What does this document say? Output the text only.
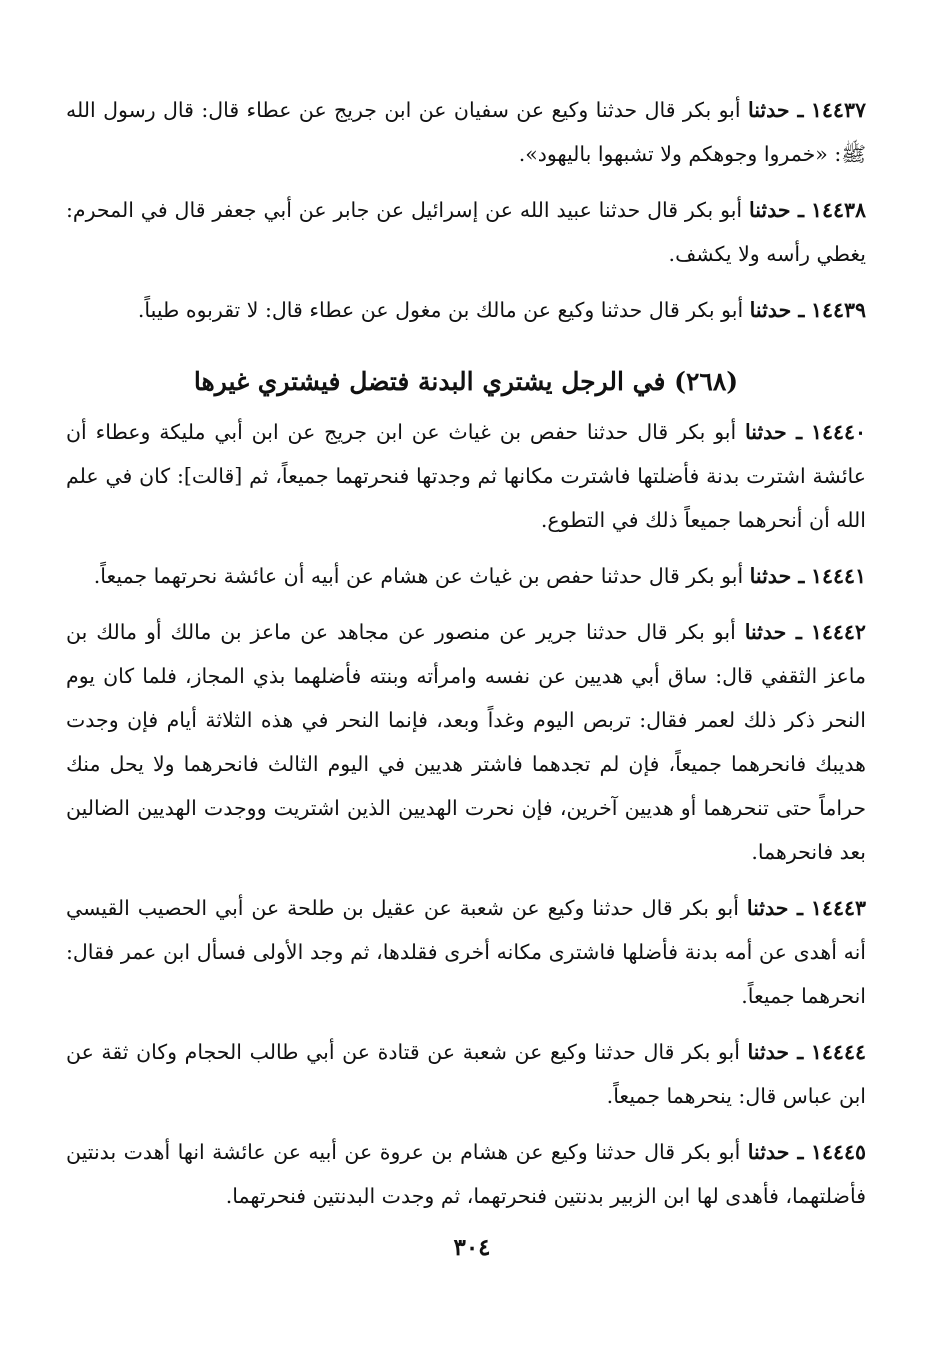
١٤٤٣٧ ـ حدثنا أبو بكر قال حدثنا وكيع عن سفيان عن ابن جريج عن عطاء قال: قال رسول الله ﷺ: «خمروا وجوهكم ولا تشبهوا باليهود».

١٤٤٣٨ ـ حدثنا أبو بكر قال حدثنا عبيد الله عن إسرائيل عن جابر عن أبي جعفر قال في المحرم: يغطي رأسه ولا يكشف.

١٤٤٣٩ ـ حدثنا أبو بكر قال حدثنا وكيع عن مالك بن مغول عن عطاء قال: لا تقربوه طيباً.

(٢٦٨) في الرجل يشتري البدنة فتضل فيشتري غيرها

١٤٤٤٠ ـ حدثنا أبو بكر قال حدثنا حفص بن غياث عن ابن جريج عن ابن أبي مليكة وعطاء أن عائشة اشترت بدنة فأضلتها فاشترت مكانها ثم وجدتها فنحرتهما جميعاً، ثم [قالت]: كان في علم الله أن أنحرهما جميعاً ذلك في التطوع.

١٤٤٤١ ـ حدثنا أبو بكر قال حدثنا حفص بن غياث عن هشام عن أبيه أن عائشة نحرتهما جميعاً.

١٤٤٤٢ ـ حدثنا أبو بكر قال حدثنا جرير عن منصور عن مجاهد عن ماعز بن مالك أو مالك بن ماعز الثقفي قال: ساق أبي هديين عن نفسه وامرأته وبنته فأضلهما بذي المجاز، فلما كان يوم النحر ذكر ذلك لعمر فقال: تربص اليوم وغداً وبعد، فإنما النحر في هذه الثلاثة أيام فإن وجدت هديبك فانحرهما جميعاً، فإن لم تجدهما فاشتر هديين في اليوم الثالث فانحرهما ولا يحل منك حراماً حتى تنحرهما أو هديين آخرين، فإن نحرت الهديين الذين اشتريت ووجدت الهديين الضالين بعد فانحرهما.

١٤٤٤٣ ـ حدثنا أبو بكر قال حدثنا وكيع عن شعبة عن عقيل بن طلحة عن أبي الحصيب القيسي أنه أهدى عن أمه بدنة فأضلها فاشترى مكانه أخرى فقلدها، ثم وجد الأولى فسأل ابن عمر فقال: انحرهما جميعاً.

١٤٤٤٤ ـ حدثنا أبو بكر قال حدثنا وكيع عن شعبة عن قتادة عن أبي طالب الحجام وكان ثقة عن ابن عباس قال: ينحرهما جميعاً.

١٤٤٤٥ ـ حدثنا أبو بكر قال حدثنا وكيع عن هشام بن عروة عن أبيه عن عائشة انها أهدت بدنتين فأضلتهما، فأهدى لها ابن الزبير بدنتين فنحرتهما، ثم وجدت البدنتين فنحرتهما.

٣٠٤
